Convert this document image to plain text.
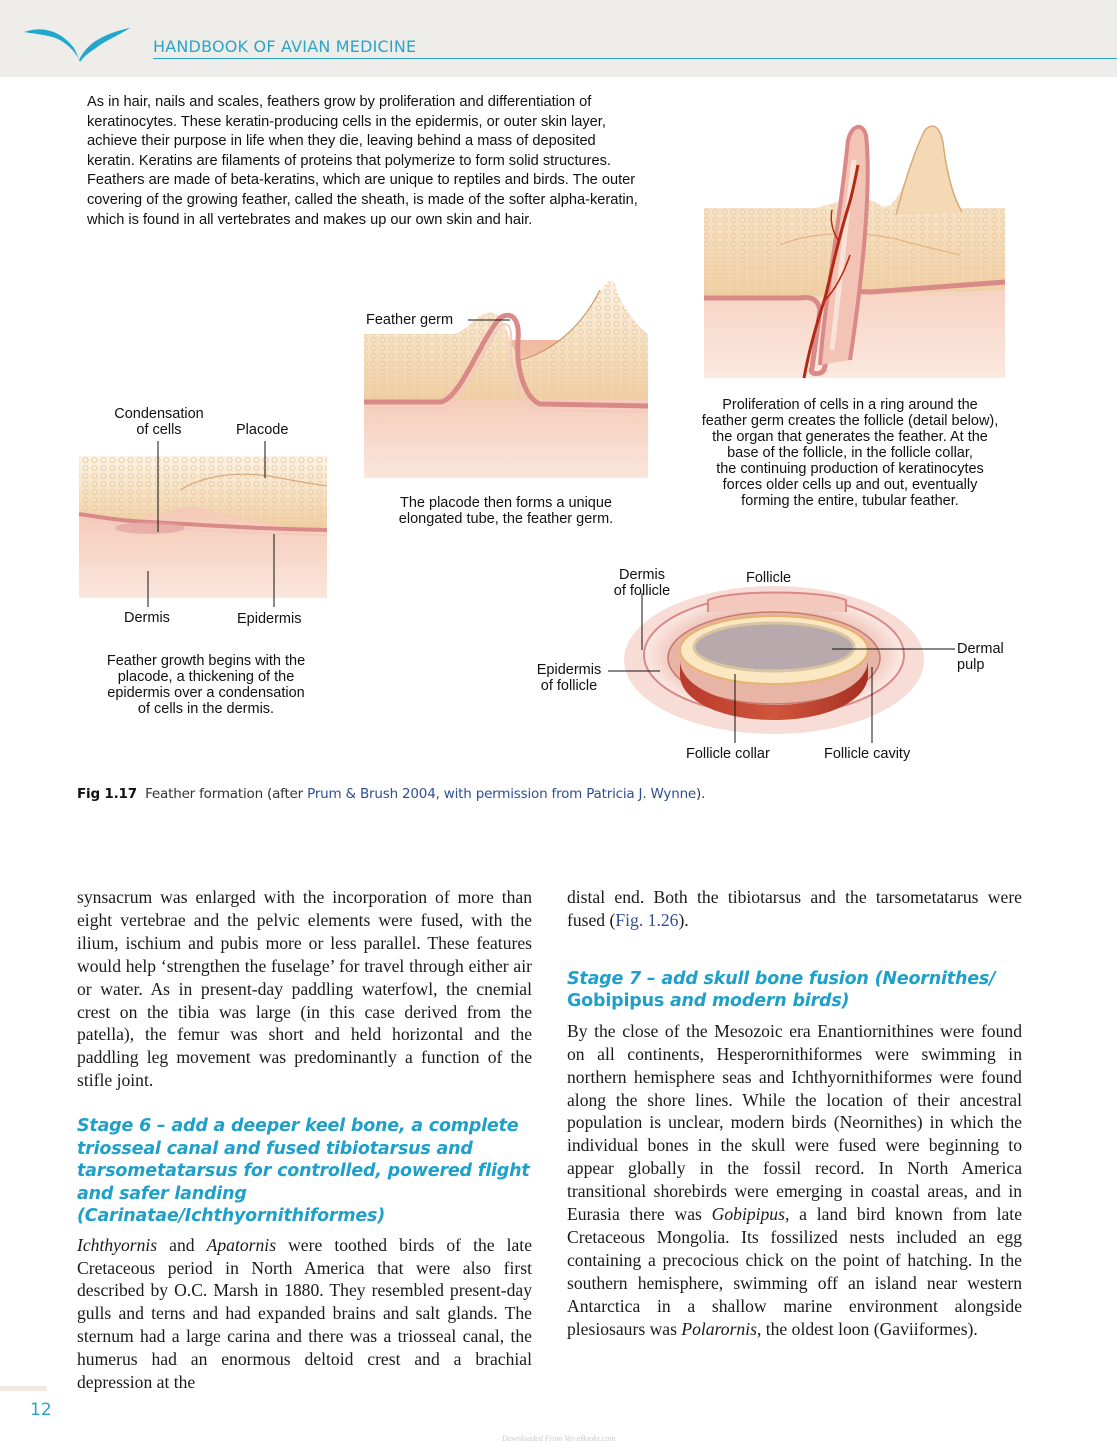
HANDBOOK OF AVIAN MEDICINE
As in hair, nails and scales, feathers grow by proliferation and differentiation of keratinocytes. These keratin-producing cells in the epidermis, or outer skin layer, achieve their purpose in life when they die, leaving behind a mass of deposited keratin. Keratins are filaments of proteins that polymerize to form solid structures. Feathers are made of beta-keratins, which are unique to reptiles and birds. The outer covering of the growing feather, called the sheath, is made of the softer alpha-keratin, which is found in all vertebrates and makes up our own skin and hair.
Condensation
of cells	Placode
Dermis	Epidermis
Feather growth begins with the
placode, a thickening of the
epidermis over a condensation
of cells in the dermis.
Feather germ
The placode then forms a unique
elongated tube, the feather germ.
Proliferation of cells in a ring around the
feather germ creates the follicle (detail below),
the organ that generates the feather. At the
base of the follicle, in the follicle collar,
the continuing production of keratinocytes
forces older cells up and out, eventually
forming the entire, tubular feather.
Dermis
of follicle
Follicle
Dermal
pulp
Epidermis
of follicle
Follicle collar	Follicle cavity
Fig 1.17 Feather formation (after Prum & Brush 2004, with permission from Patricia J. Wynne).

synsacrum was enlarged with the incorporation of more than eight vertebrae and the pelvic elements were fused, with the ilium, ischium and pubis more or less parallel. These features would help ‘strengthen the fuselage’ for travel through either air or water. As in present-day paddling waterfowl, the cnemial crest on the tibia was large (in this case derived from the patella), the femur was short and held horizontal and the paddling leg movement was predominantly a function of the stifle joint.

Stage 6 – add a deeper keel bone, a complete triosseal canal and fused tibiotarsus and tarsometatarsus for controlled, powered flight and safer landing (Carinatae/Ichthyornithiformes)

Ichthyornis and Apatornis were toothed birds of the late Cretaceous period in North America that were also first described by O.C. Marsh in 1880. They resembled present-day gulls and terns and had expanded brains and salt glands. The sternum had a large carina and there was a triosseal canal, the humerus had an enormous deltoid crest and a brachial depression at the

distal end. Both the tibiotarsus and the tarsometatarus were fused (Fig. 1.26).

Stage 7 – add skull bone fusion (Neornithes/
Gobipipus and modern birds)

By the close of the Mesozoic era Enantiornithines were found on all continents, Hesperornithiformes were swimming in northern hemisphere seas and Ichthyornithiformes were found along the shore lines. While the location of their ancestral population is unclear, modern birds (Neornithes) in which the individual bones in the skull were fused were beginning to appear globally in the fossil record. In North America transitional shorebirds were emerging in coastal areas, and in Eurasia there was Gobipipus, a land bird known from late Cretaceous Mongolia. Its fossilized nests included an egg containing a precocious chick on the point of hatching. In the southern hemisphere, swimming off an island near western Antarctica in a shallow marine environment alongside plesiosaurs was Polarornis, the oldest loon (Gaviiformes).

12
Downloaded From Vet-eBooks.com
